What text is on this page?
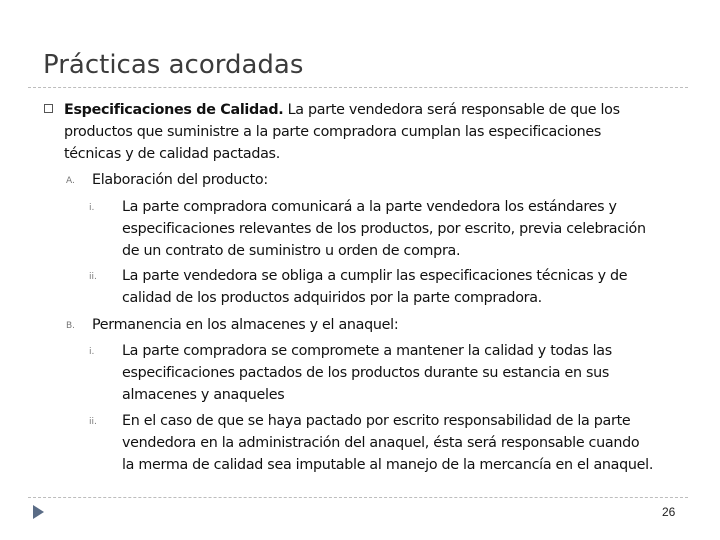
Prácticas acordadas
Especificaciones de Calidad. La parte vendedora será responsable de que los
productos que suministre a la parte compradora cumplan las especificaciones
técnicas y de calidad pactadas.
A. Elaboración del producto:
i. La parte compradora comunicará a la parte vendedora los estándares y
especificaciones relevantes de los productos, por escrito, previa celebración
de un contrato de suministro u orden de compra.
ii. La parte vendedora se obliga a cumplir las especificaciones técnicas y de
calidad de los productos adquiridos por la parte compradora.
B. Permanencia en los almacenes y el anaquel:
i. La parte compradora se compromete a mantener la calidad y todas las
especificaciones pactados de los productos durante su estancia en sus
almacenes y anaqueles
ii. En el caso de que se haya pactado por escrito responsabilidad de la parte
vendedora en la administración del anaquel, ésta será responsable cuando
la merma de calidad sea imputable al manejo de la mercancía en el anaquel.
26
